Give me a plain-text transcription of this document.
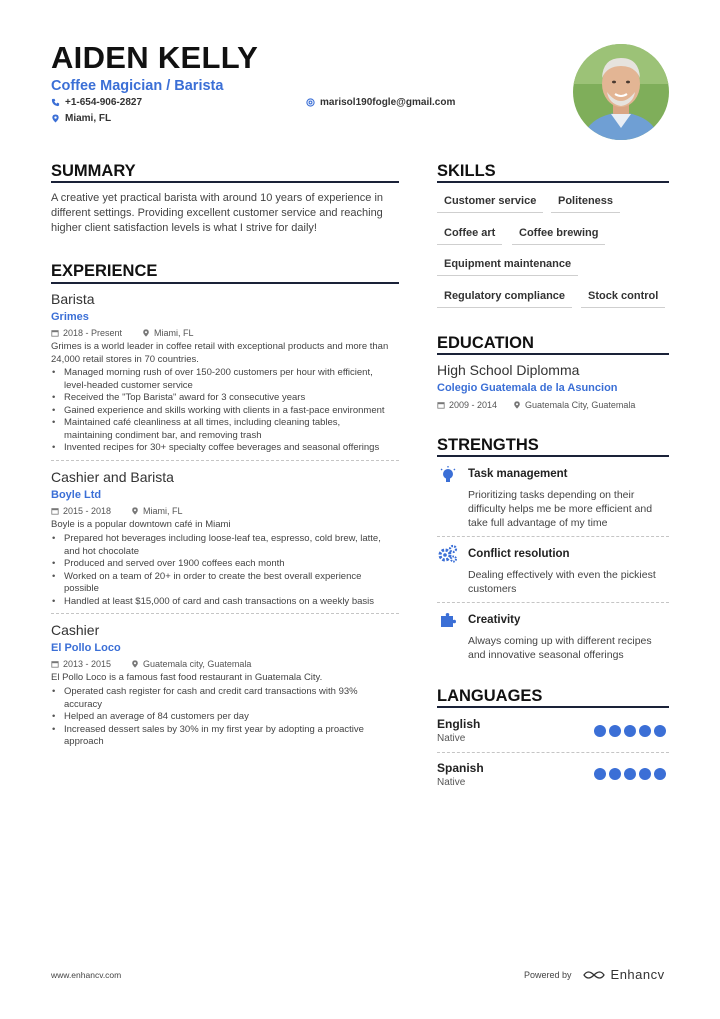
AIDEN KELLY
Coffee Magician / Barista
+1-654-906-2827	marisol190fogle@gmail.com
Miami, FL
SUMMARY
A creative yet practical barista with around 10 years of experience in
different settings. Providing excellent customer service and reaching
higher client satisfaction levels is what I strive for daily!
EXPERIENCE
Barista
Grimes
2018 - Present	Miami, FL
Grimes is a world leader in coffee retail with exceptional products and more than
24,000 retail stores in 70 countries.
• Managed morning rush of over 150-200 customers per hour with efficient,
level-headed customer service
• Received the "Top Barista" award for 3 consecutive years
• Gained experience and skills working with clients in a fast-pace environment
• Maintained café cleanliness at all times, including cleaning tables,
maintaining condiment bar, and removing trash
• Invented recipes for 30+ specialty coffee beverages and seasonal offerings
Cashier and Barista
Boyle Ltd
2015 - 2018	Miami, FL
Boyle is a popular downtown café in Miami
• Prepared hot beverages including loose-leaf tea, espresso, cold brew, latte,
and hot chocolate
• Produced and served over 1900 coffees each month
• Worked on a team of 20+ in order to create the best overall experience
possible
• Handled at least $15,000 of card and cash transactions on a weekly basis
Cashier
El Pollo Loco
2013 - 2015	Guatemala city, Guatemala
El Pollo Loco is a famous fast food restaurant in Guatemala City.
• Operated cash register for cash and credit card transactions with 93%
accuracy
• Helped an average of 84 customers per day
• Increased dessert sales by 30% in my first year by adopting a proactive
approach
SKILLS
Customer service	Politeness
Coffee art	Coffee brewing
Equipment maintenance
Regulatory compliance	Stock control
EDUCATION
High School Diplomma
Colegio Guatemala de la Asuncion
2009 - 2014	Guatemala City, Guatemala
STRENGTHS
Task management
Prioritizing tasks depending on their
difficulty helps me be more efficient and
take full advantage of my time
Conflict resolution
Dealing effectively with even the pickiest
customers
Creativity
Always coming up with different recipes
and innovative seasonal offerings
LANGUAGES
English
Native
Spanish
Native
www.enhancv.com	Powered by	Enhancv
